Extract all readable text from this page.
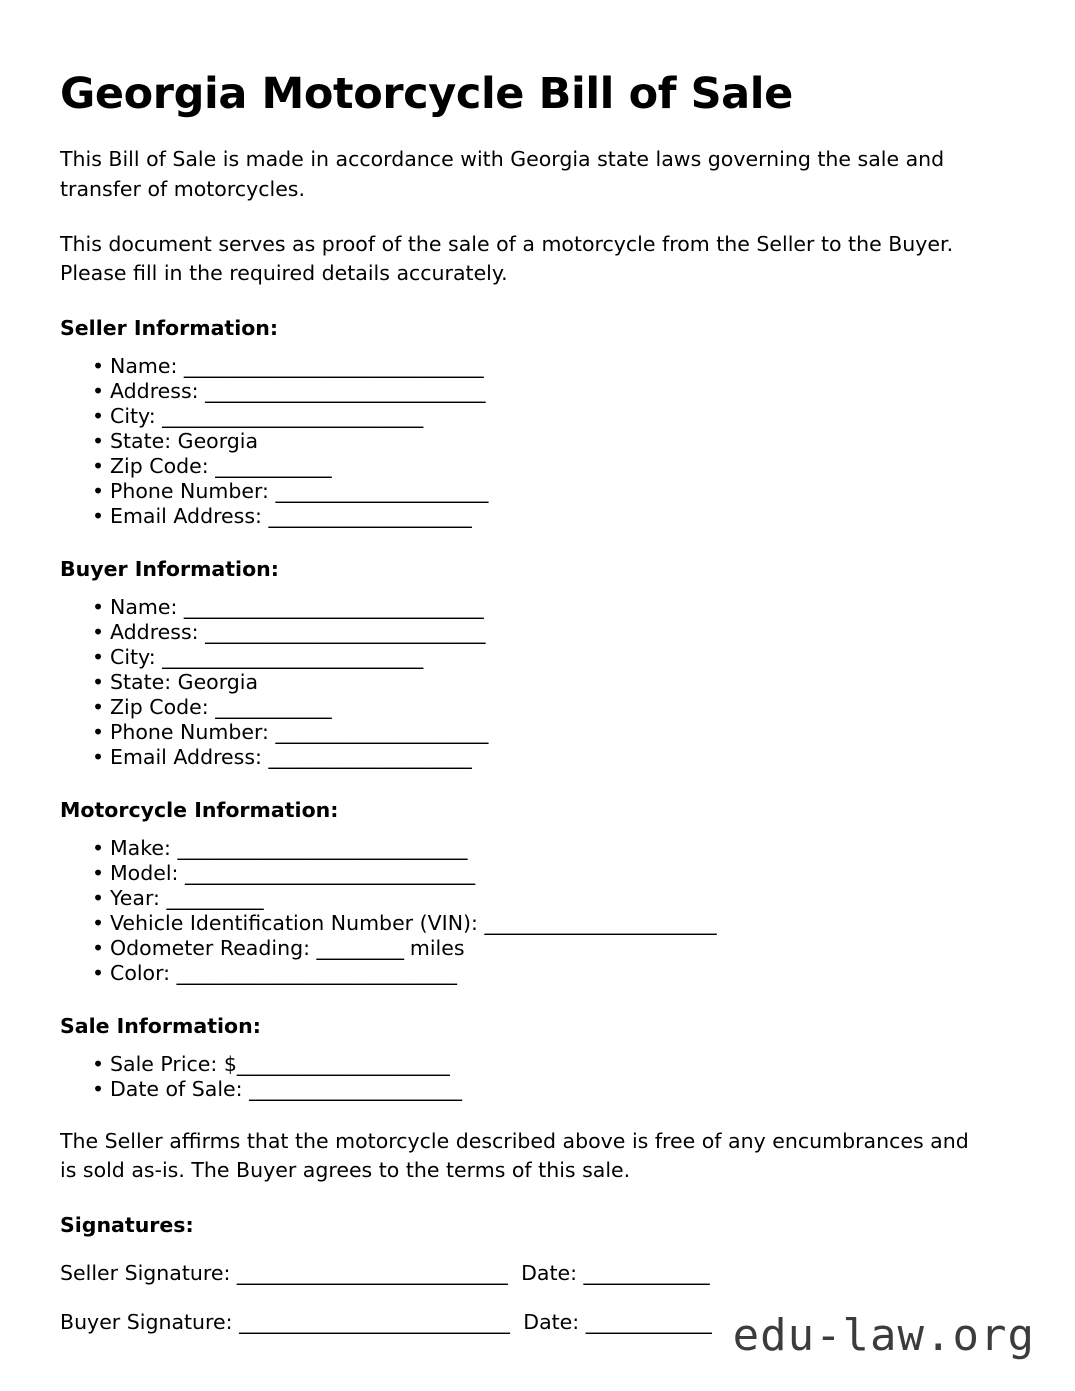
Georgia Motorcycle Bill of Sale

This Bill of Sale is made in accordance with Georgia state laws governing the sale and transfer of motorcycles.

This document serves as proof of the sale of a motorcycle from the Seller to the Buyer. Please fill in the required details accurately.

Seller Information:
• Name: _______________________________
• Address: _____________________________
• City: ___________________________
• State: Georgia
• Zip Code: ____________
• Phone Number: ______________________
• Email Address: _____________________
Buyer Information:
• Name: _______________________________
• Address: _____________________________
• City: ___________________________
• State: Georgia
• Zip Code: ____________
• Phone Number: ______________________
• Email Address: _____________________
Motorcycle Information:
• Make: ______________________________
• Model: ______________________________
• Year: __________
• Vehicle Identification Number (VIN): ________________________
• Odometer Reading: _________ miles
• Color: _____________________________
Sale Information:
• Sale Price: $______________________
• Date of Sale: ______________________

The Seller affirms that the motorcycle described above is free of any encumbrances and is sold as-is. The Buyer agrees to the terms of this sale.

Signatures:

Seller Signature: ____________________________ Date: _____________

Buyer Signature: ____________________________ Date: _____________ edu-law.org
